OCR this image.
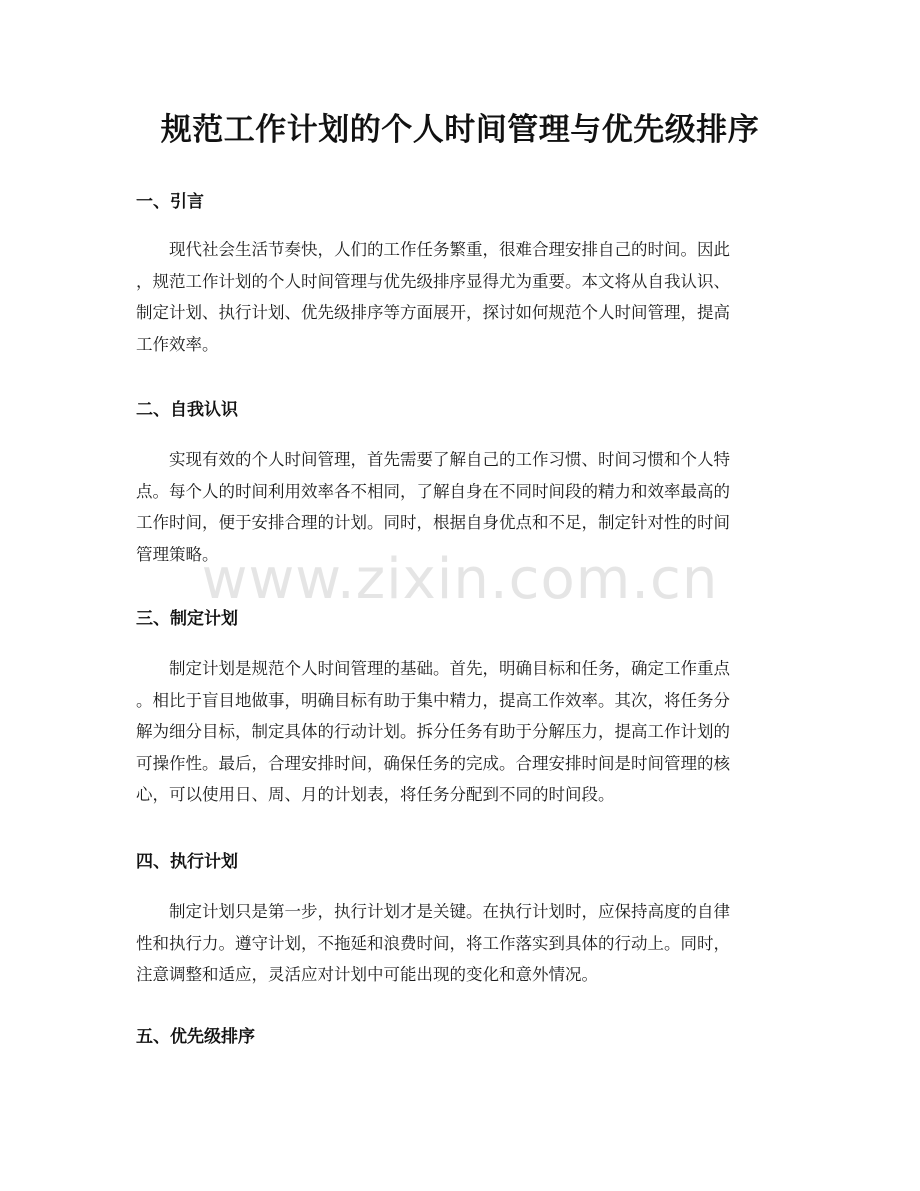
www.zixin.com.cn
规范工作计划的个人时间管理与优先级排序
一、引言
现代社会生活节奏快，人们的工作任务繁重，很难合理安排自己的时间。因此
，规范工作计划的个人时间管理与优先级排序显得尤为重要。本文将从自我认识、
制定计划、执行计划、优先级排序等方面展开，探讨如何规范个人时间管理，提高
工作效率。
二、自我认识
实现有效的个人时间管理，首先需要了解自己的工作习惯、时间习惯和个人特
点。每个人的时间利用效率各不相同，了解自身在不同时间段的精力和效率最高的
工作时间，便于安排合理的计划。同时，根据自身优点和不足，制定针对性的时间
管理策略。
三、制定计划
制定计划是规范个人时间管理的基础。首先，明确目标和任务，确定工作重点
。相比于盲目地做事，明确目标有助于集中精力，提高工作效率。其次，将任务分
解为细分目标，制定具体的行动计划。拆分任务有助于分解压力，提高工作计划的
可操作性。最后，合理安排时间，确保任务的完成。合理安排时间是时间管理的核
心，可以使用日、周、月的计划表，将任务分配到不同的时间段。
四、执行计划
制定计划只是第一步，执行计划才是关键。在执行计划时，应保持高度的自律
性和执行力。遵守计划，不拖延和浪费时间，将工作落实到具体的行动上。同时，
注意调整和适应，灵活应对计划中可能出现的变化和意外情况。
五、优先级排序
